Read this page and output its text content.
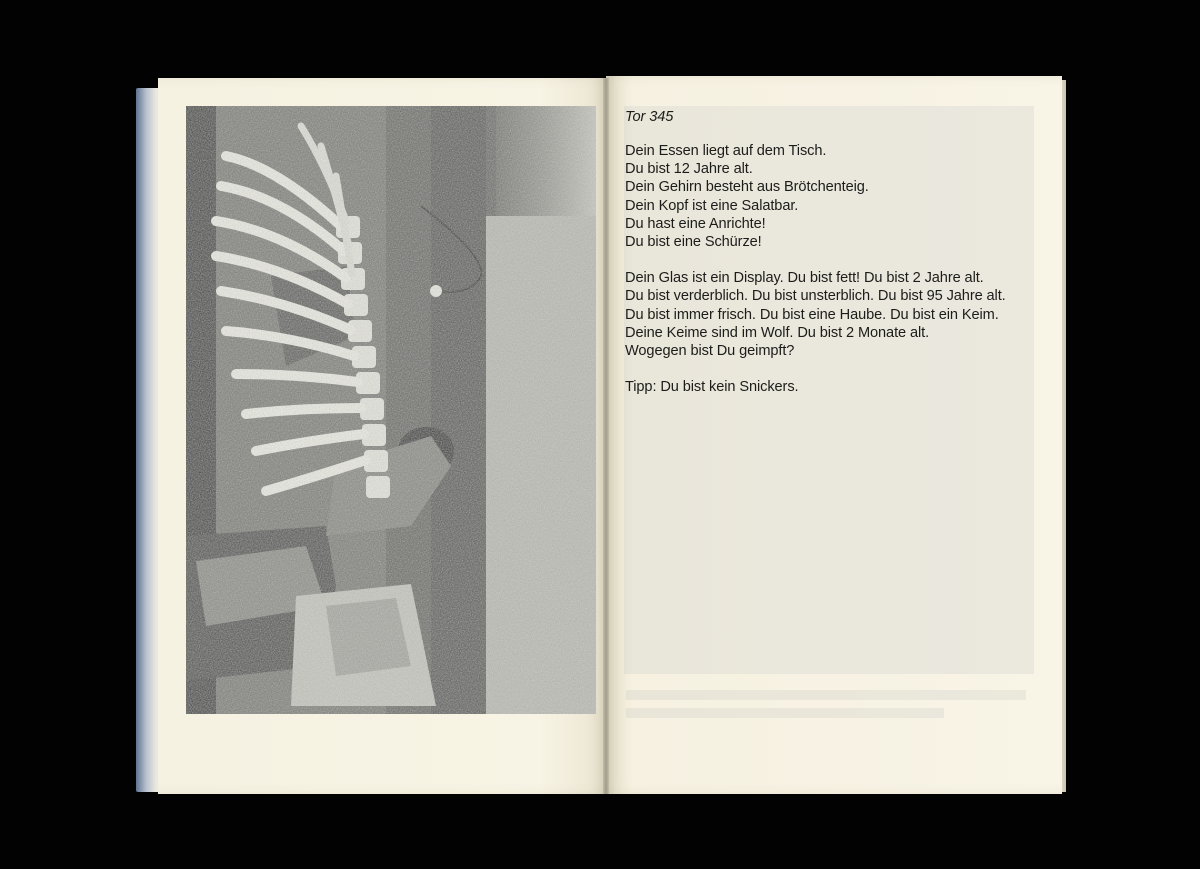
Tor 345
Dein Essen liegt auf dem Tisch.
Du bist 12 Jahre alt.
Dein Gehirn besteht aus Brötchenteig.
Dein Kopf ist eine Salatbar.
Du hast eine Anrichte!
Du bist eine Schürze!
Dein Glas ist ein Display. Du bist fett! Du bist 2 Jahre alt.
Du bist verderblich. Du bist unsterblich. Du bist 95 Jahre alt.
Du bist immer frisch. Du bist eine Haube. Du bist ein Keim.
Deine Keime sind im Wolf. Du bist 2 Monate alt.
Wogegen bist Du geimpft?
Tipp: Du bist kein Snickers.
